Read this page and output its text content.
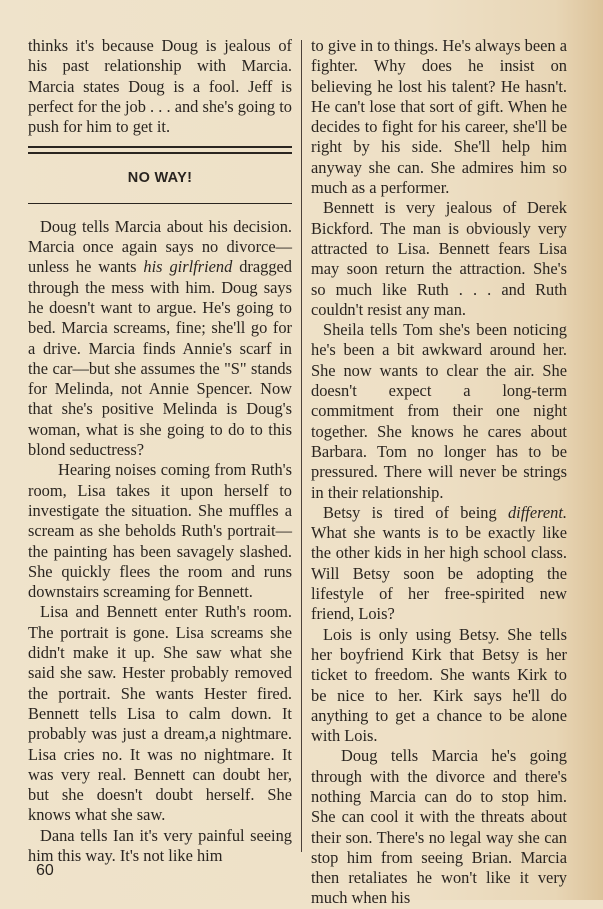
thinks it's because Doug is jealous of his past relationship with Marcia. Marcia states Doug is a fool. Jeff is perfect for the job . . . and she's going to push for him to get it.

NO WAY!

Doug tells Marcia about his decision. Marcia once again says no divorce—unless he wants his girlfriend dragged through the mess with him. Doug says he doesn't want to argue. He's going to bed. Marcia screams, fine; she'll go for a drive. Marcia finds Annie's scarf in the car—but she assumes the "S" stands for Melinda, not Annie Spencer. Now that she's positive Melinda is Doug's woman, what is she going to do to this blond seductress?

Hearing noises coming from Ruth's room, Lisa takes it upon herself to investigate the situation. She muffles a scream as she beholds Ruth's portrait—the painting has been savagely slashed. She quickly flees the room and runs downstairs screaming for Bennett.

Lisa and Bennett enter Ruth's room. The portrait is gone. Lisa screams she didn't make it up. She saw what she said she saw. Hester probably removed the portrait. She wants Hester fired. Bennett tells Lisa to calm down. It probably was just a dream,a nightmare. Lisa cries no. It was no nightmare. It was very real. Bennett can doubt her, but she doesn't doubt herself. She knows what she saw.

Dana tells Ian it's very painful seeing him this way. It's not like him

to give in to things. He's always been a fighter. Why does he insist on believing he lost his talent? He hasn't. He can't lose that sort of gift. When he decides to fight for his career, she'll be right by his side. She'll help him anyway she can. She admires him so much as a performer.

Bennett is very jealous of Derek Bickford. The man is obviously very attracted to Lisa. Bennett fears Lisa may soon return the attraction. She's so much like Ruth . . . and Ruth couldn't resist any man.

Sheila tells Tom she's been noticing he's been a bit awkward around her. She now wants to clear the air. She doesn't expect a long-term commitment from their one night together. She knows he cares about Barbara. Tom no longer has to be pressured. There will never be strings in their relationship.

Betsy is tired of being different. What she wants is to be exactly like the other kids in her high school class. Will Betsy soon be adopting the lifestyle of her free-spirited new friend, Lois?

Lois is only using Betsy. She tells her boyfriend Kirk that Betsy is her ticket to freedom. She wants Kirk to be nice to her. Kirk says he'll do anything to get a chance to be alone with Lois.

Doug tells Marcia he's going through with the divorce and there's nothing Marcia can do to stop him. She can cool it with the threats about their son. There's no legal way she can stop him from seeing Brian. Marcia then retaliates he won't like it very much when his

60
